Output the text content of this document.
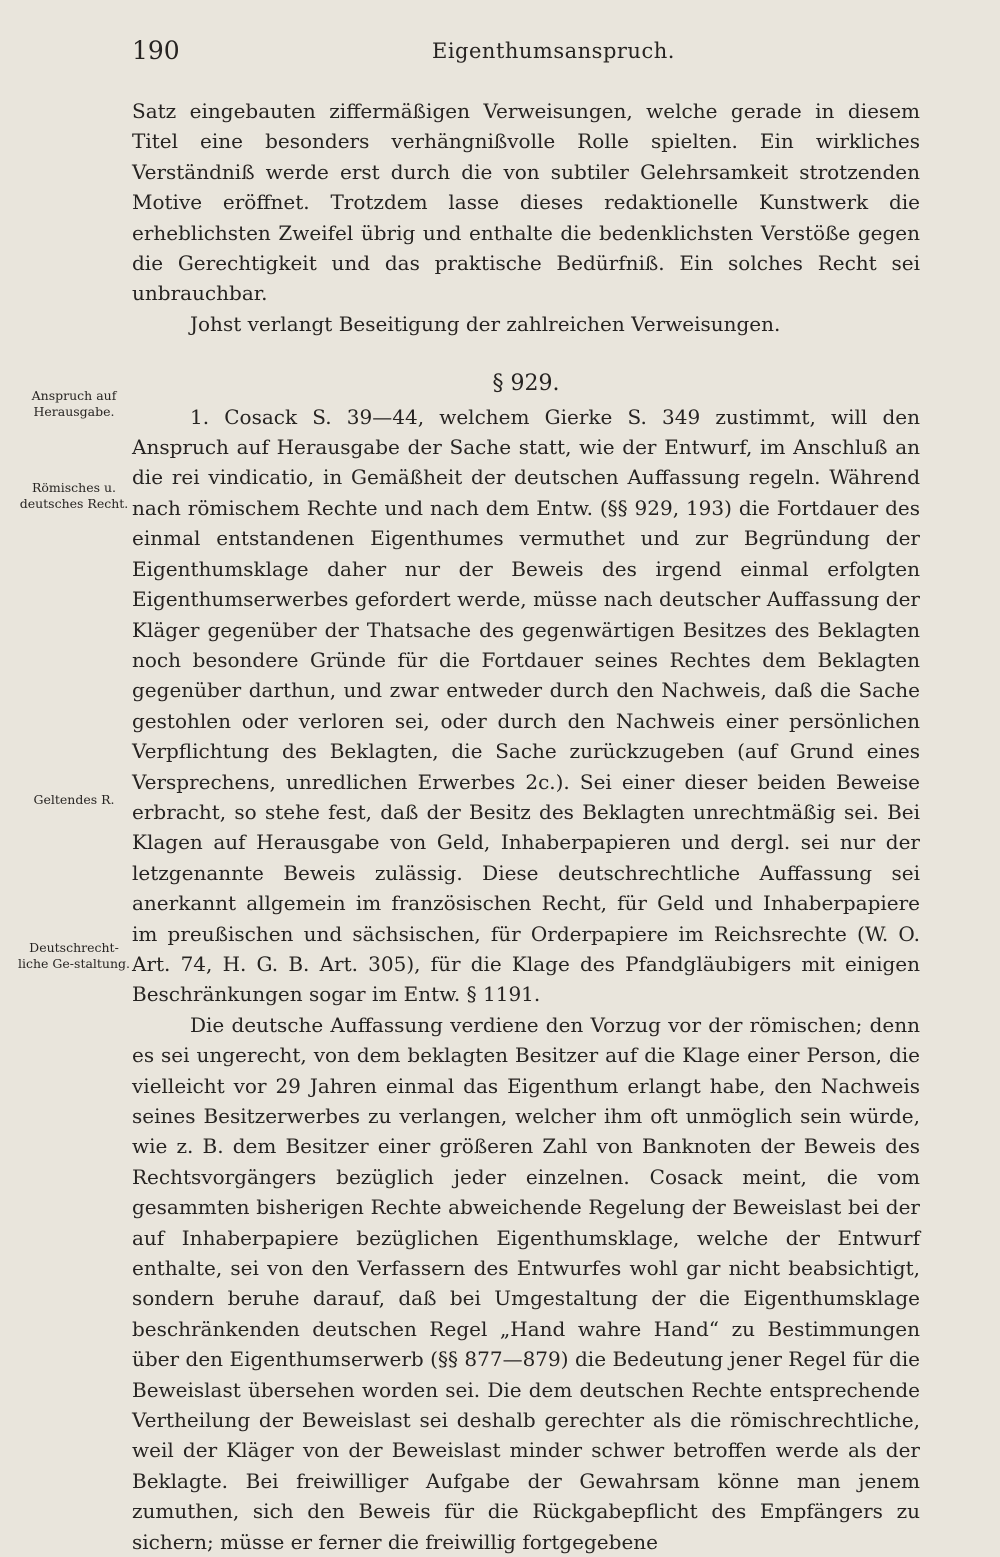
190	Eigenthumsanspruch.
Anspruch auf Herausgabe.
Römisches u. deutsches Recht.
Geltendes R.
Deutschrecht-liche Ge-staltung.

Satz eingebauten ziffermäßigen Verweisungen, welche gerade in diesem Titel eine besonders verhängnißvolle Rolle spielten. Ein wirkliches Verständniß werde erst durch die von subtiler Gelehrsamkeit strotzenden Motive eröffnet. Trotzdem lasse dieses redaktionelle Kunstwerk die erheblichsten Zweifel übrig und enthalte die bedenklichsten Verstöße gegen die Gerechtigkeit und das praktische Bedürfniß. Ein solches Recht sei unbrauchbar.

Johst verlangt Beseitigung der zahlreichen Verweisungen.

§ 929.

1. Cosack S. 39—44, welchem Gierke S. 349 zustimmt, will den Anspruch auf Herausgabe der Sache statt, wie der Entwurf, im Anschluß an die rei vindicatio, in Gemäßheit der deutschen Auffassung regeln. Während nach römischem Rechte und nach dem Entw. (§§ 929, 193) die Fortdauer des einmal entstandenen Eigenthumes vermuthet und zur Begründung der Eigenthumsklage daher nur der Beweis des irgend einmal erfolgten Eigenthumserwerbes gefordert werde, müsse nach deutscher Auffassung der Kläger gegenüber der Thatsache des gegenwärtigen Besitzes des Beklagten noch besondere Gründe für die Fortdauer seines Rechtes dem Beklagten gegenüber darthun, und zwar entweder durch den Nachweis, daß die Sache gestohlen oder verloren sei, oder durch den Nachweis einer persönlichen Verpflichtung des Beklagten, die Sache zurückzugeben (auf Grund eines Versprechens, unredlichen Erwerbes 2c.). Sei einer dieser beiden Beweise erbracht, so stehe fest, daß der Besitz des Beklagten unrechtmäßig sei. Bei Klagen auf Herausgabe von Geld, Inhaberpapieren und dergl. sei nur der letzgenannte Beweis zulässig. Diese deutschrechtliche Auffassung sei anerkannt allgemein im französischen Recht, für Geld und Inhaberpapiere im preußischen und sächsischen, für Orderpapiere im Reichsrechte (W. O. Art. 74, H. G. B. Art. 305), für die Klage des Pfandgläubigers mit einigen Beschränkungen sogar im Entw. § 1191.

Die deutsche Auffassung verdiene den Vorzug vor der römischen; denn es sei ungerecht, von dem beklagten Besitzer auf die Klage einer Person, die vielleicht vor 29 Jahren einmal das Eigenthum erlangt habe, den Nachweis seines Besitzerwerbes zu verlangen, welcher ihm oft unmöglich sein würde, wie z. B. dem Besitzer einer größeren Zahl von Banknoten der Beweis des Rechtsvorgängers bezüglich jeder einzelnen. Cosack meint, die vom gesammten bisherigen Rechte abweichende Regelung der Beweislast bei der auf Inhaberpapiere bezüglichen Eigenthumsklage, welche der Entwurf enthalte, sei von den Verfassern des Entwurfes wohl gar nicht beabsichtigt, sondern beruhe darauf, daß bei Umgestaltung der die Eigenthumsklage beschränkenden deutschen Regel „Hand wahre Hand“ zu Bestimmungen über den Eigenthumserwerb (§§ 877—879) die Bedeutung jener Regel für die Beweislast übersehen worden sei. Die dem deutschen Rechte entsprechende Vertheilung der Beweislast sei deshalb gerechter als die römischrechtliche, weil der Kläger von der Beweislast minder schwer betroffen werde als der Beklagte. Bei freiwilliger Aufgabe der Gewahrsam könne man jenem zumuthen, sich den Beweis für die Rückgabepflicht des Empfängers zu sichern; müsse er ferner die freiwillig fortgegebene
